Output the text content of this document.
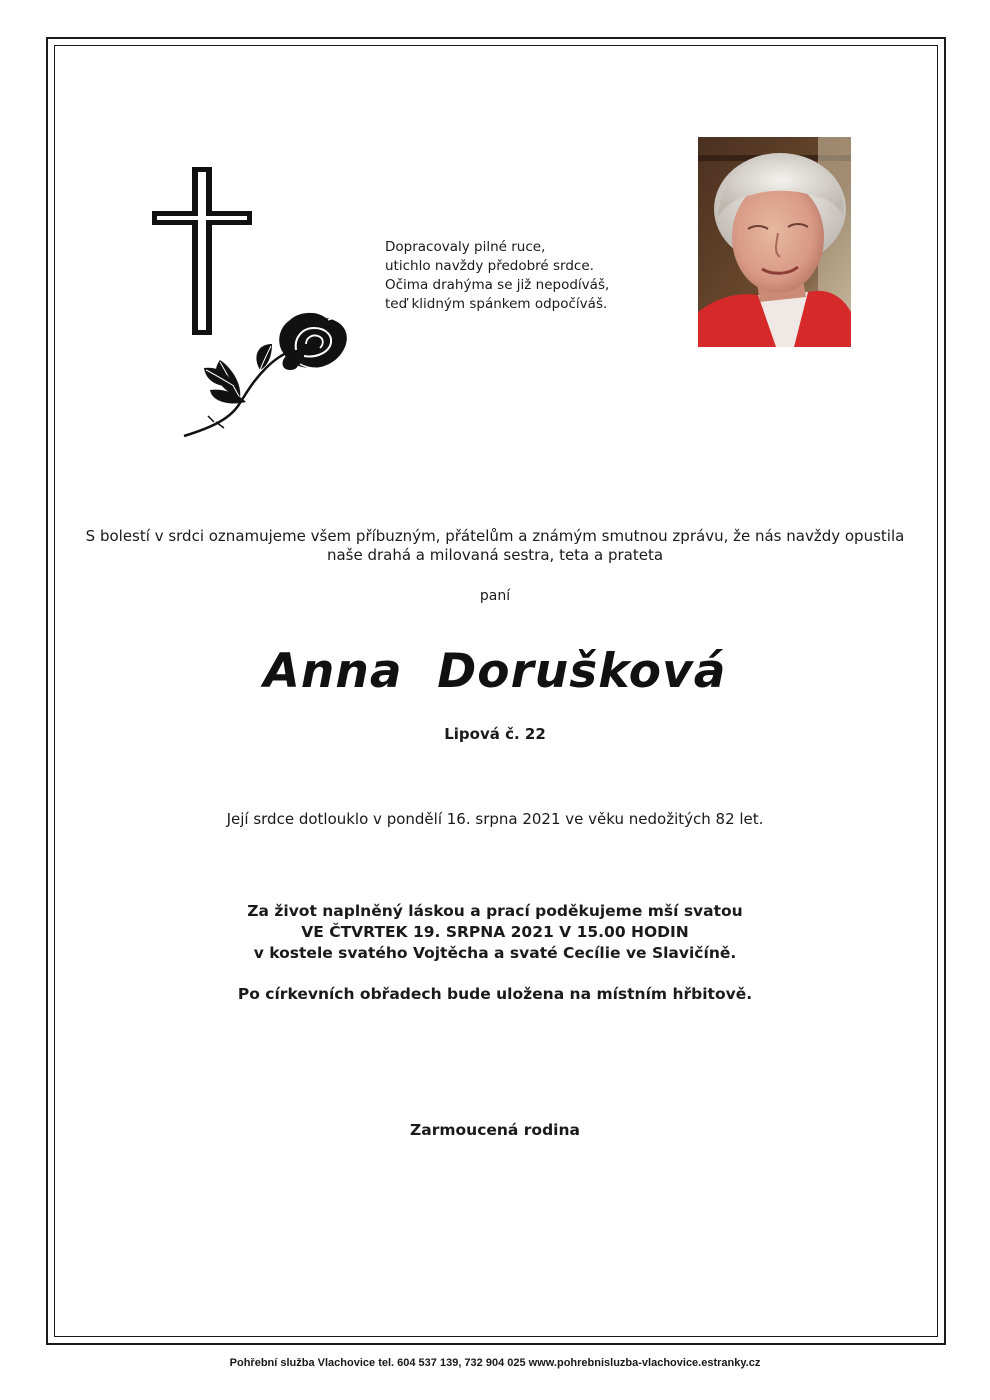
Dopracovaly pilné ruce,
utichlo navždy předobré srdce.
Očima drahýma se již nepodíváš,
teď klidným spánkem odpočíváš.
S bolestí v srdci oznamujeme všem příbuzným, přátelům a známým smutnou zprávu, že nás navždy opustila
naše drahá a milovaná sestra, teta a prateta
paní
Anna  Dorušková
Lipová č. 22
Její srdce dotlouklo v pondělí 16. srpna 2021 ve věku nedožitých 82 let.
Za život naplněný láskou a prací poděkujeme mší svatou
VE ČTVRTEK 19. SRPNA 2021 V 15.00 HODIN
v kostele svatého Vojtěcha a svaté Cecílie ve Slavičíně.
Po církevních obřadech bude uložena na místním hřbitově.
Zarmoucená rodina
Pohřební služba Vlachovice tel. 604 537 139, 732 904 025 www.pohrebnisluzba-vlachovice.estranky.cz
